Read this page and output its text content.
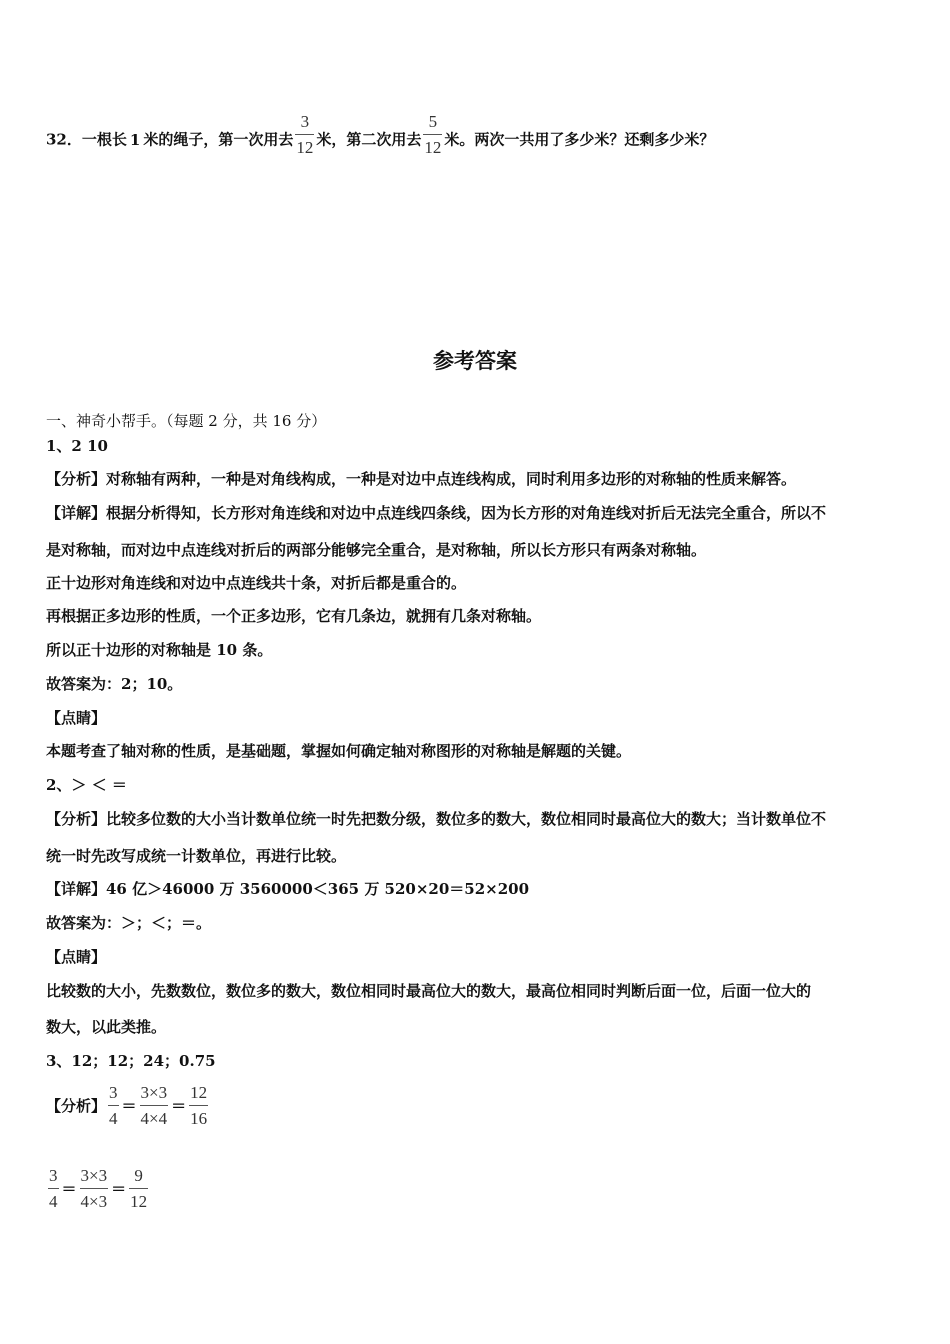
32．一根长 1 米的绳子，第一次用去 $\frac{3}{12}$ 米，第二次用去 $\frac{5}{12}$ 米。两次一共用了多少米？还剩多少米？
参考答案
一、神奇小帮手。（每题 2 分，共 16 分）
1、2 10
【分析】对称轴有两种，一种是对角线构成，一种是对边中点连线构成，同时利用多边形的对称轴的性质来解答。
【详解】根据分析得知，长方形对角连线和对边中点连线四条线，因为长方形的对角连线对折后无法完全重合，所以不
是对称轴，而对边中点连线对折后的两部分能够完全重合，是对称轴，所以长方形只有两条对称轴。
正十边形对角连线和对边中点连线共十条，对折后都是重合的。
再根据正多边形的性质，一个正多边形，它有几条边，就拥有几条对称轴。
所以正十边形的对称轴是 10 条。
故答案为：2；10。
【点睛】
本题考查了轴对称的性质，是基础题，掌握如何确定轴对称图形的对称轴是解题的关键。
2、＞ ＜ ＝
【分析】比较多位数的大小当计数单位统一时先把数分级，数位多的数大，数位相同时最高位大的数大；当计数单位不
统一时先改写成统一计数单位，再进行比较。
【详解】46 亿＞46000 万 3560000＜365 万 520×20＝52×200
故答案为：＞；＜；＝。
【点睛】
比较数的大小，先数数位，数位多的数大，数位相同时最高位大的数大，最高位相同时判断后面一位，后面一位大的
数大，以此类推。
3、12；12；24；0.75
【分析】 $\frac{3}{4} = \frac{3\times 3}{4\times 4} = \frac{12}{16}$
$\frac{3}{4} = \frac{3\times 3}{4\times 3} = \frac{9}{12}$
